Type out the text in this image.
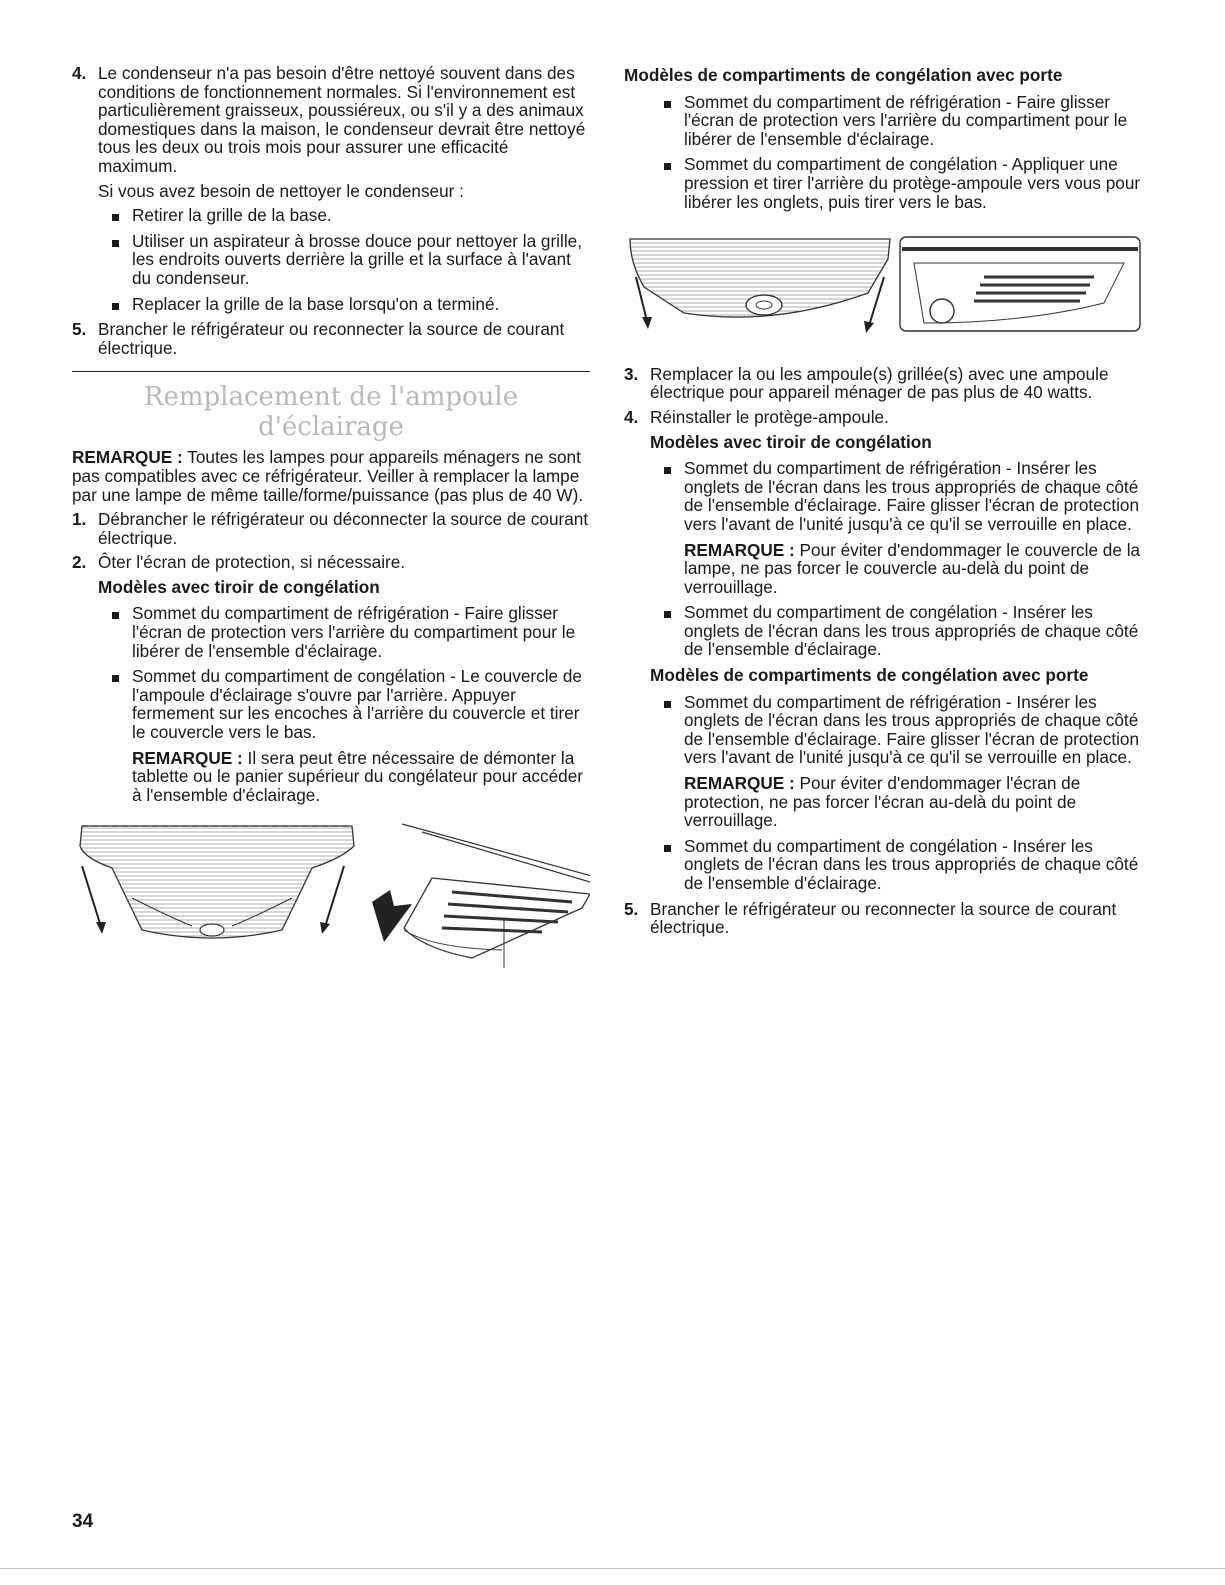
4. Le condenseur n'a pas besoin d'être nettoyé souvent dans des conditions de fonctionnement normales. Si l'environnement est particulièrement graisseux, poussiéreux, ou s'il y a des animaux domestiques dans la maison, le condenseur devrait être nettoyé tous les deux ou trois mois pour assurer une efficacité maximum.

Si vous avez besoin de nettoyer le condenseur :

Retirer la grille de la base.
Utiliser un aspirateur à brosse douce pour nettoyer la grille, les endroits ouverts derrière la grille et la surface à l'avant du condenseur.
Replacer la grille de la base lorsqu'on a terminé.
5. Brancher le réfrigérateur ou reconnecter la source de courant électrique.
Remplacement de l'ampoule d'éclairage

REMARQUE : Toutes les lampes pour appareils ménagers ne sont pas compatibles avec ce réfrigérateur. Veiller à remplacer la lampe par une lampe de même taille/forme/puissance (pas plus de 40 W).

1. Débrancher le réfrigérateur ou déconnecter la source de courant électrique.
2. Ôter l'écran de protection, si nécessaire.

Modèles avec tiroir de congélation

Sommet du compartiment de réfrigération - Faire glisser l'écran de protection vers l'arrière du compartiment pour le libérer de l'ensemble d'éclairage.
Sommet du compartiment de congélation - Le couvercle de l'ampoule d'éclairage s'ouvre par l'arrière. Appuyer fermement sur les encoches à l'arrière du couvercle et tirer le couvercle vers le bas.

REMARQUE : Il sera peut être nécessaire de démonter la tablette ou le panier supérieur du congélateur pour accéder à l'ensemble d'éclairage.

Modèles de compartiments de congélation avec porte

Sommet du compartiment de réfrigération - Faire glisser l'écran de protection vers l'arrière du compartiment pour le libérer de l'ensemble d'éclairage.
Sommet du compartiment de congélation - Appliquer une pression et tirer l'arrière du protège-ampoule vers vous pour libérer les onglets, puis tirer vers le bas.
3. Remplacer la ou les ampoule(s) grillée(s) avec une ampoule électrique pour appareil ménager de pas plus de 40 watts.
4. Réinstaller le protège-ampoule.

Modèles avec tiroir de congélation

Sommet du compartiment de réfrigération - Insérer les onglets de l'écran dans les trous appropriés de chaque côté de l'ensemble d'éclairage. Faire glisser l'écran de protection vers l'avant de l'unité jusqu'à ce qu'il se verrouille en place.

REMARQUE : Pour éviter d'endommager le couvercle de la lampe, ne pas forcer le couvercle au-delà du point de verrouillage.

Sommet du compartiment de congélation - Insérer les onglets de l'écran dans les trous appropriés de chaque côté de l'ensemble d'éclairage.

Modèles de compartiments de congélation avec porte

Sommet du compartiment de réfrigération - Insérer les onglets de l'écran dans les trous appropriés de chaque côté de l'ensemble d'éclairage. Faire glisser l'écran de protection vers l'avant de l'unité jusqu'à ce qu'il se verrouille en place.

REMARQUE : Pour éviter d'endommager l'écran de protection, ne pas forcer l'écran au-delà du point de verrouillage.

Sommet du compartiment de congélation - Insérer les onglets de l'écran dans les trous appropriés de chaque côté de l'ensemble d'éclairage.
5. Brancher le réfrigérateur ou reconnecter la source de courant électrique.
34
